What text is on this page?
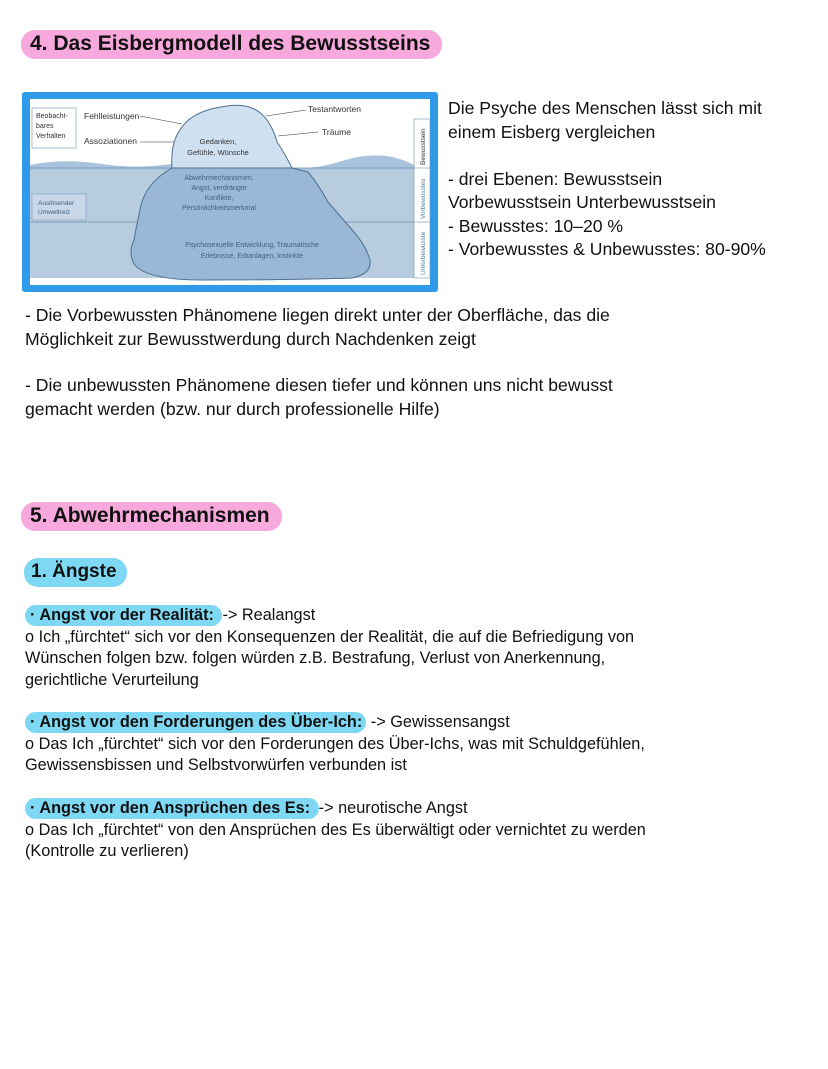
4. Das Eisbergmodell des Bewusstseins
Beobacht-
bares
Verhalten
Fehlleistungen
Assoziationen
Testantworten
Träume
Gedanken,
Gefühle, Wünsche
Abwehrmechanismen,
Angst, verdrängte
Konflikte,
Persönlichkeitsmerkmal
Auslösender
Umweltreiz
Psychosexuelle Entwicklung, Traumatische
Erlebnisse, Erbanlagen, Instinkte
Bewusstsein
Vorbewusstes
Unterbewusste
Die Psyche des Menschen lässt sich mit
einem Eisberg vergleichen
- drei Ebenen: Bewusstsein
Vorbewusstsein Unterbewusstsein
- Bewusstes: 10–20 %
- Vorbewusstes & Unbewusstes: 80-90%
- Die Vorbewussten Phänomene liegen direkt unter der Oberfläche, das die
Möglichkeit zur Bewusstwerdung durch Nachdenken zeigt
- Die unbewussten Phänomene diesen tiefer und können uns nicht bewusst
gemacht werden (bzw. nur durch professionelle Hilfe)
5. Abwehrmechanismen
1. Ängste
· Angst vor der Realität: -> Realangst
o Ich „fürchtet“ sich vor den Konsequenzen der Realität, die auf die Befriedigung von
Wünschen folgen bzw. folgen würden z.B. Bestrafung, Verlust von Anerkennung,
gerichtliche Verurteilung
· Angst vor den Forderungen des Über-Ich: -> Gewissensangst
o Das Ich „fürchtet“ sich vor den Forderungen des Über-Ichs, was mit Schuldgefühlen,
Gewissensbissen und Selbstvorwürfen verbunden ist
· Angst vor den Ansprüchen des Es: -> neurotische Angst
o Das Ich „fürchtet“ von den Ansprüchen des Es überwältigt oder vernichtet zu werden
(Kontrolle zu verlieren)
